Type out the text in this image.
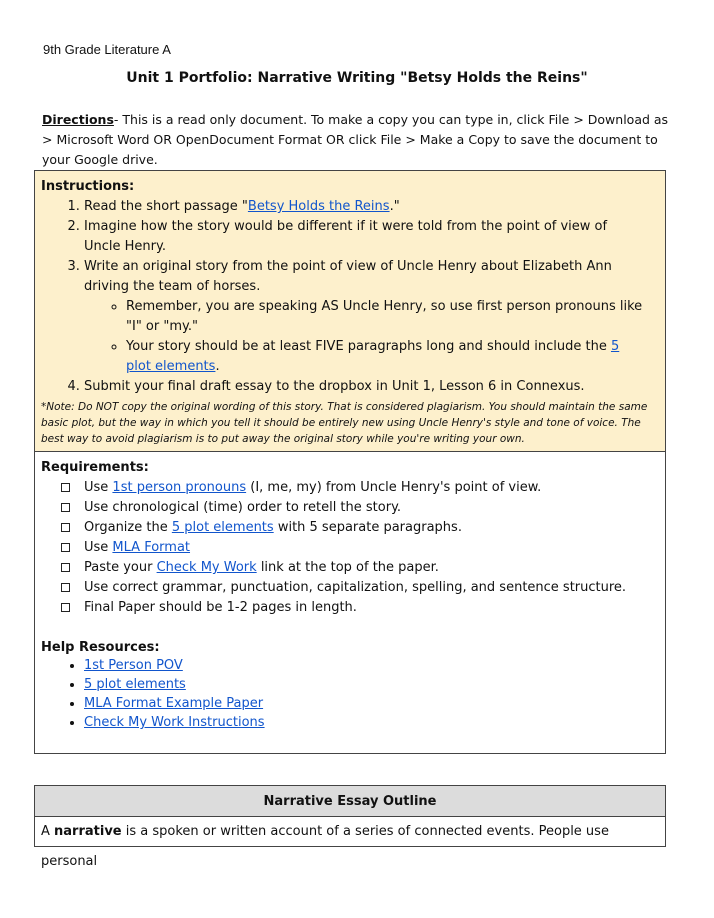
9th Grade Literature A
Unit 1 Portfolio: Narrative Writing "Betsy Holds the Reins"
Directions- This is a read only document. To make a copy you can type in, click File > Download as > Microsoft Word OR OpenDocument Format OR click File > Make a Copy to save the document to your Google drive.
Instructions:
1. Read the short passage "Betsy Holds the Reins."
2. Imagine how the story would be different if it were told from the point of view of Uncle Henry.
3. Write an original story from the point of view of Uncle Henry about Elizabeth Ann driving the team of horses.
◦ Remember, you are speaking AS Uncle Henry, so use first person pronouns like "I" or "my."
◦ Your story should be at least FIVE paragraphs long and should include the 5 plot elements.
4. Submit your final draft essay to the dropbox in Unit 1, Lesson 6 in Connexus.
*Note: Do NOT copy the original wording of this story. That is considered plagiarism. You should maintain the same basic plot, but the way in which you tell it should be entirely new using Uncle Henry's style and tone of voice. The best way to avoid plagiarism is to put away the original story while you're writing your own.
Requirements:
Use 1st person pronouns (I, me, my) from Uncle Henry's point of view.
Use chronological (time) order to retell the story.
Organize the 5 plot elements with 5 separate paragraphs.
Use MLA Format
Paste your Check My Work link at the top of the paper.
Use correct grammar, punctuation, capitalization, spelling, and sentence structure.
Final Paper should be 1-2 pages in length.
Help Resources:
• 1st Person POV
• 5 plot elements
• MLA Format Example Paper
• Check My Work Instructions
Narrative Essay Outline
A narrative is a spoken or written account of a series of connected events. People use personal
